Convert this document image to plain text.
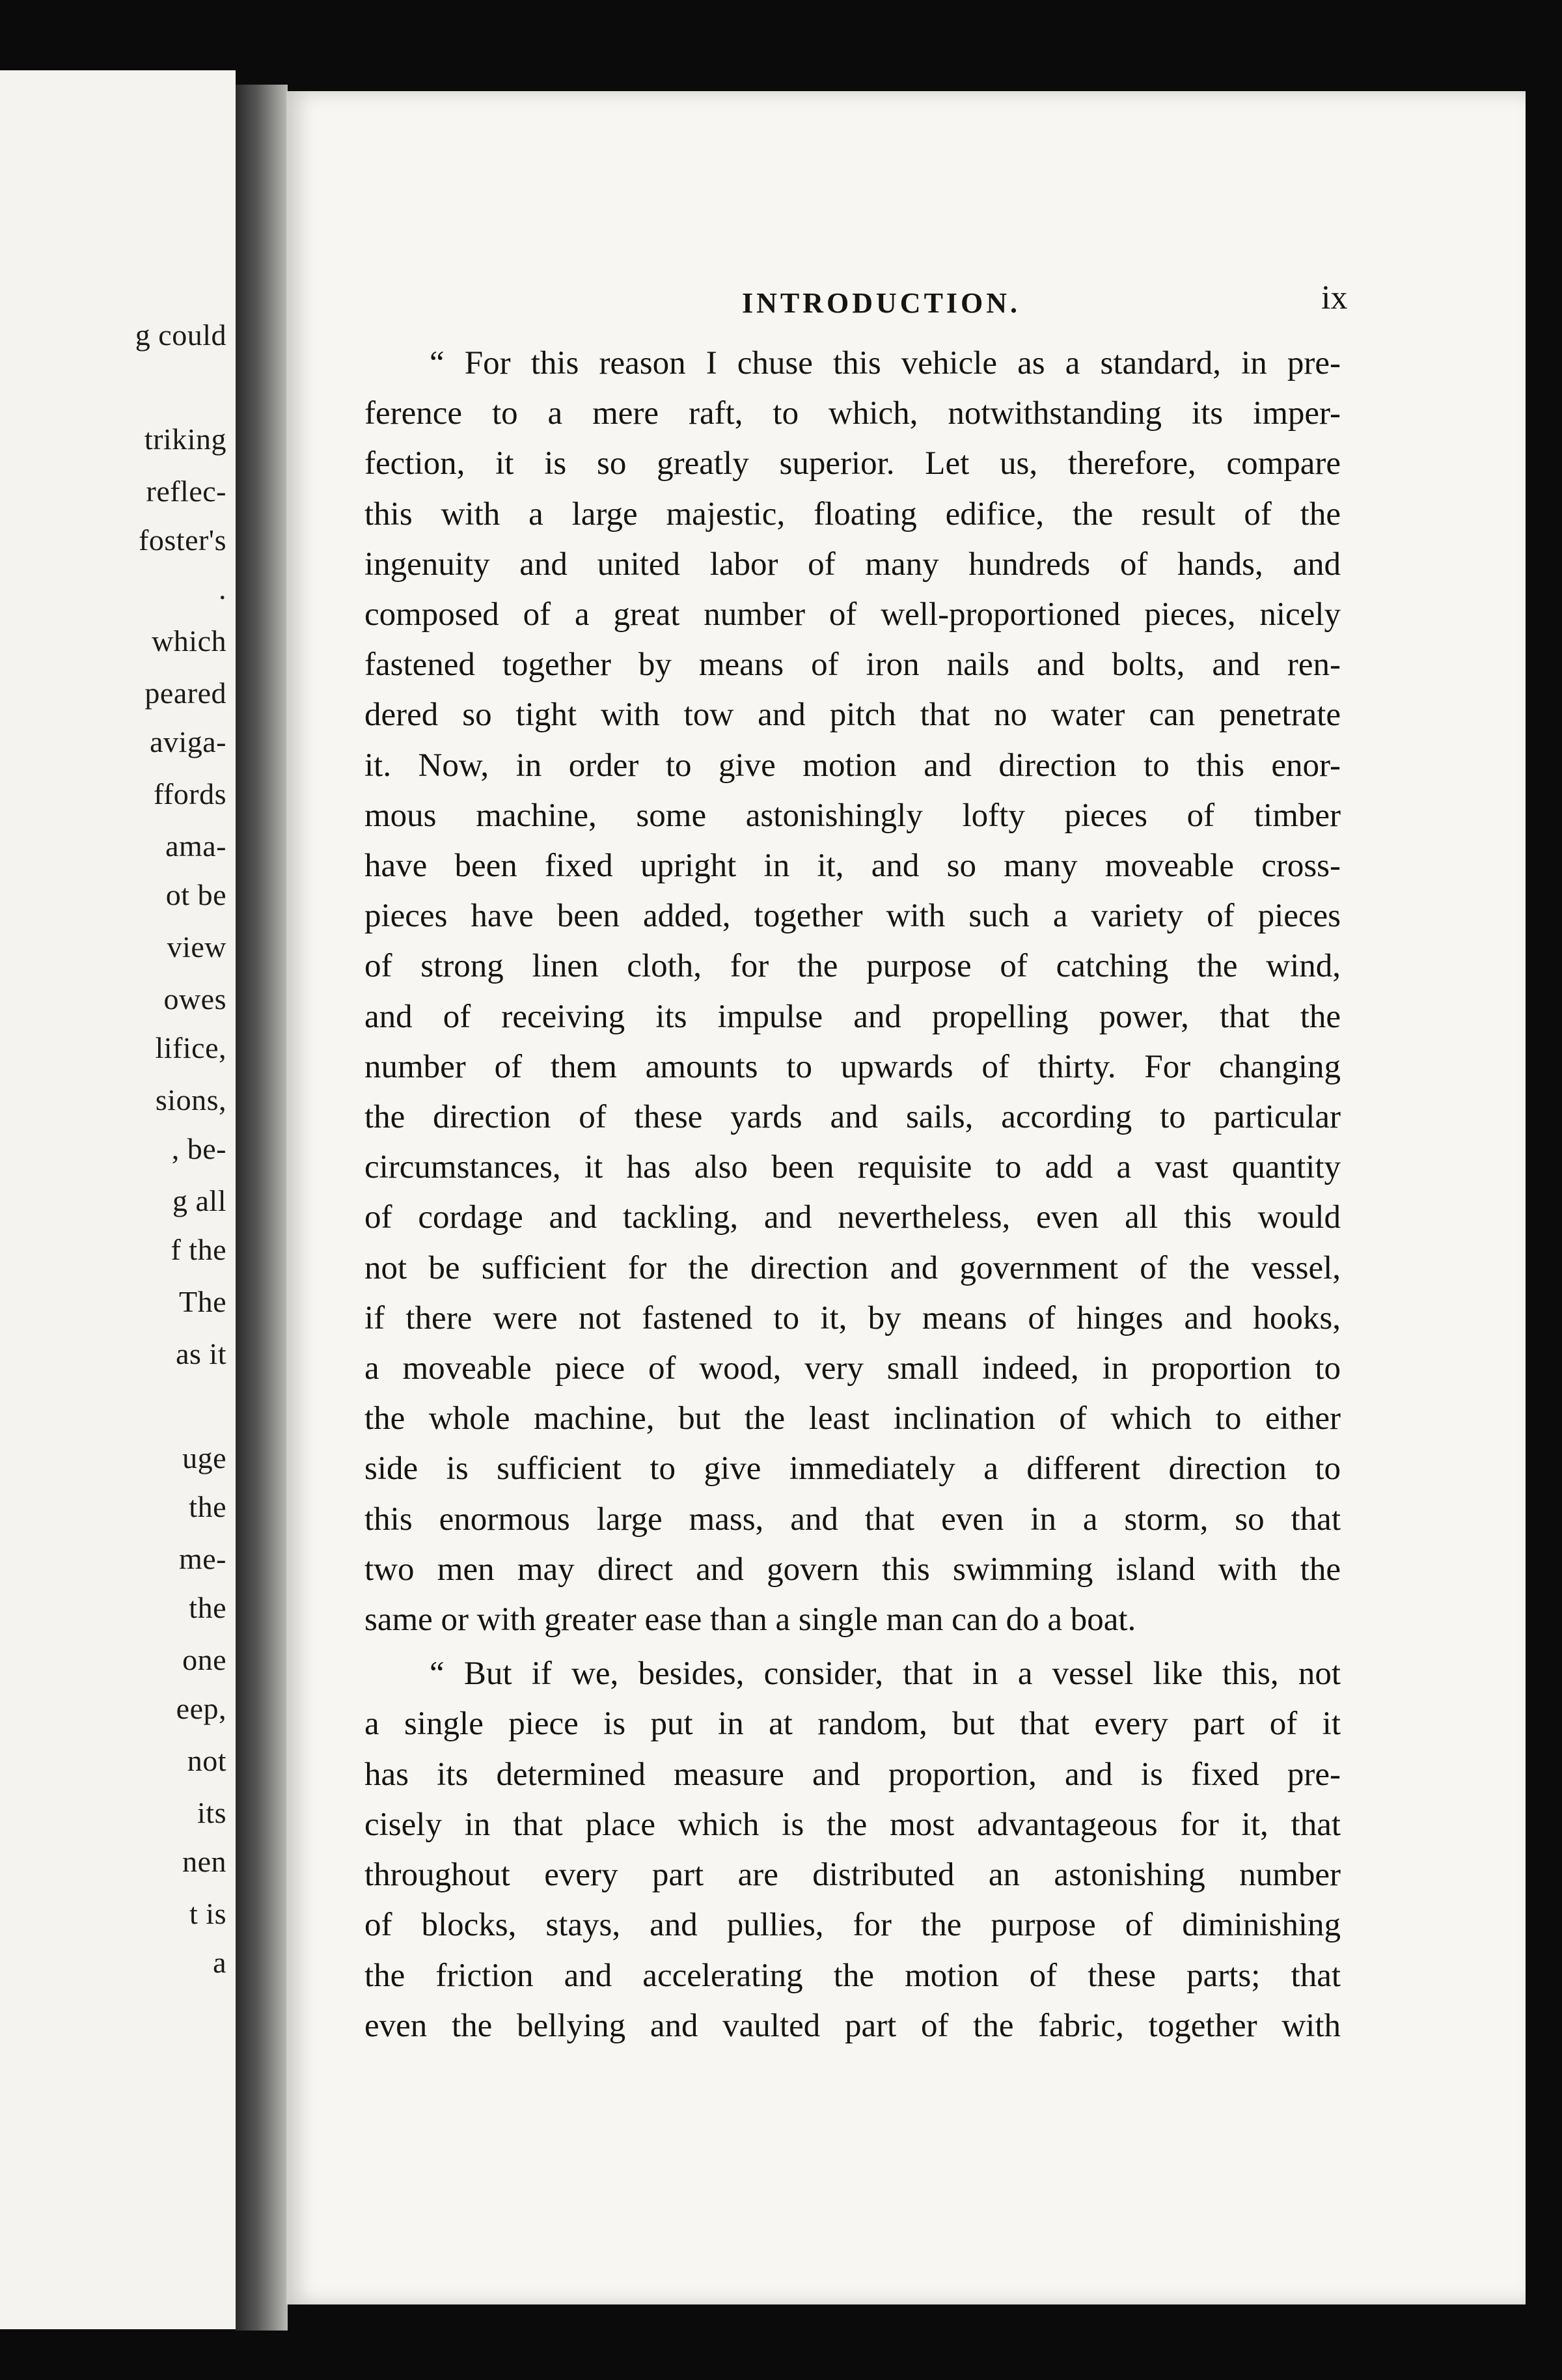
g could
triking
reflec-
foster's
.
which
peared
aviga-
ffords
ama-
ot be
view
owes
lifice,
sions,
, be-
g all
f the
The
as it
uge
the
me-
the
one
eep,
not
its
nen
t is
a
INTRODUCTION.	ix
“ For this reason I chuse this vehicle as a standard, in pre-
ference to a mere raft, to which, notwithstanding its imper-
fection, it is so greatly superior. Let us, therefore, compare
this with a large majestic, floating edifice, the result of the
ingenuity and united labor of many hundreds of hands, and
composed of a great number of well-proportioned pieces, nicely
fastened together by means of iron nails and bolts, and ren-
dered so tight with tow and pitch that no water can penetrate
it. Now, in order to give motion and direction to this enor-
mous machine, some astonishingly lofty pieces of timber
have been fixed upright in it, and so many moveable cross-
pieces have been added, together with such a variety of pieces
of strong linen cloth, for the purpose of catching the wind,
and of receiving its impulse and propelling power, that the
number of them amounts to upwards of thirty. For changing
the direction of these yards and sails, according to particular
circumstances, it has also been requisite to add a vast quantity
of cordage and tackling, and nevertheless, even all this would
not be sufficient for the direction and government of the vessel,
if there were not fastened to it, by means of hinges and hooks,
a moveable piece of wood, very small indeed, in proportion to
the whole machine, but the least inclination of which to either
side is sufficient to give immediately a different direction to
this enormous large mass, and that even in a storm, so that
two men may direct and govern this swimming island with the
same or with greater ease than a single man can do a boat.
“ But if we, besides, consider, that in a vessel like this, not
a single piece is put in at random, but that every part of it
has its determined measure and proportion, and is fixed pre-
cisely in that place which is the most advantageous for it, that
throughout every part are distributed an astonishing number
of blocks, stays, and pullies, for the purpose of diminishing
the friction and accelerating the motion of these parts; that
even the bellying and vaulted part of the fabric, together with
